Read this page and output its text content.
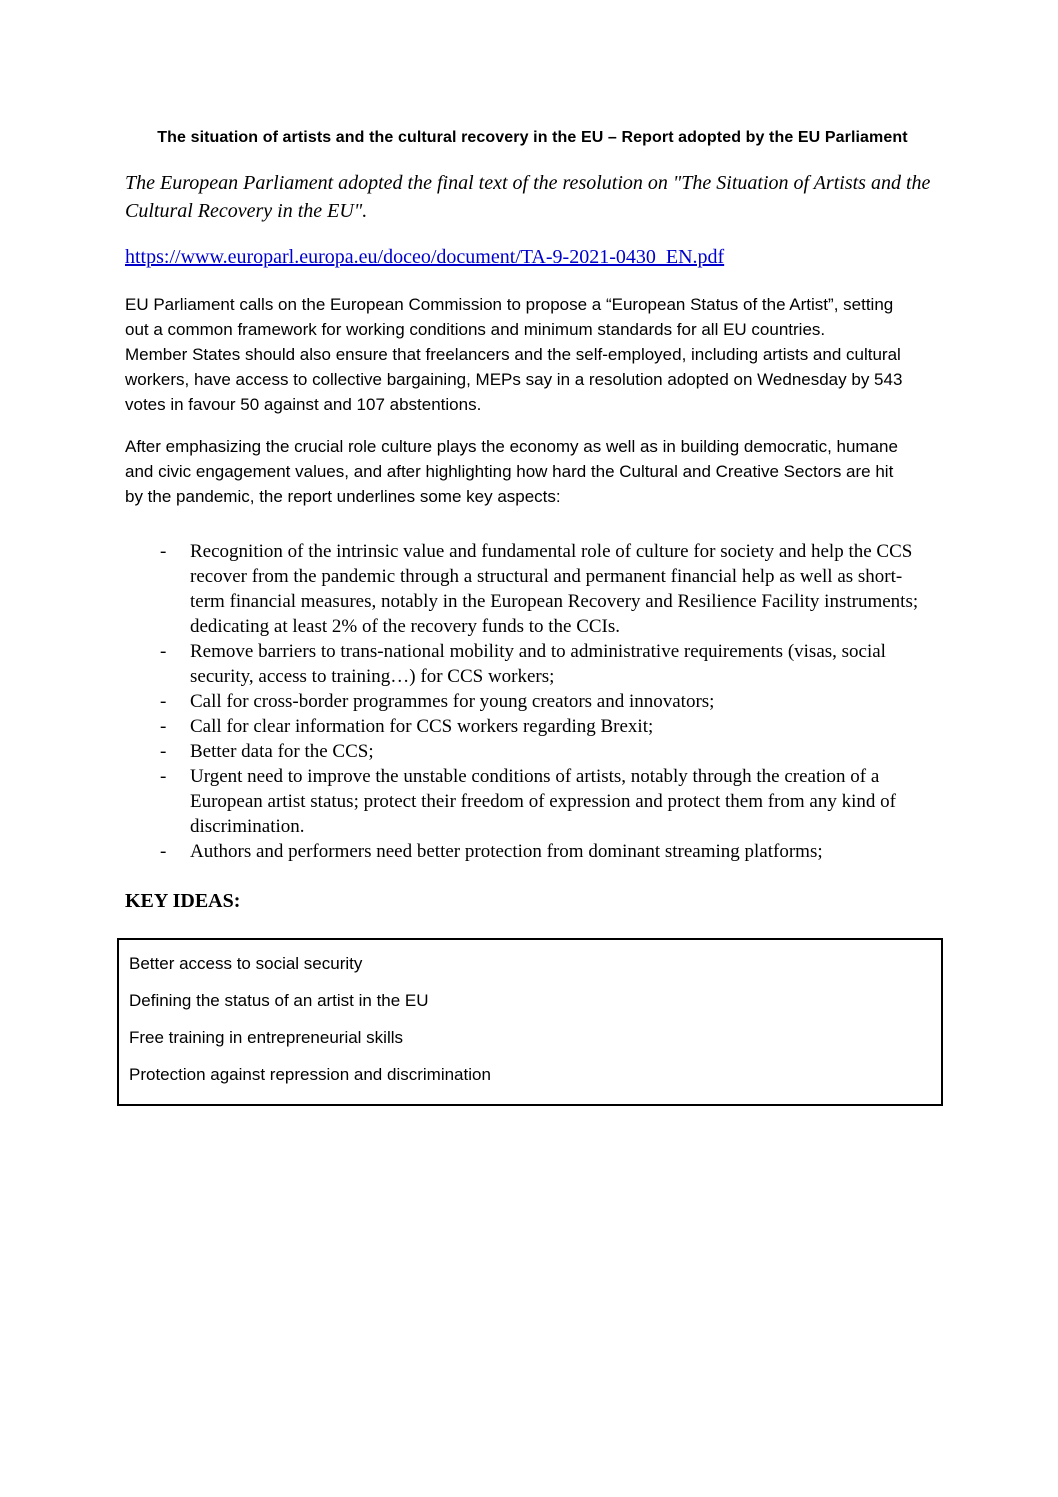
The situation of artists and the cultural recovery in the EU – Report adopted by the EU Parliament

The European Parliament adopted the final text of the resolution on "The Situation of Artists and the Cultural Recovery in the EU".

https://www.europarl.europa.eu/doceo/document/TA-9-2021-0430_EN.pdf

EU Parliament calls on the European Commission to propose a “European Status of the Artist”, setting out a common framework for working conditions and minimum standards for all EU countries.

Member States should also ensure that freelancers and the self-employed, including artists and cultural workers, have access to collective bargaining, MEPs say in a resolution adopted on Wednesday by 543 votes in favour 50 against and 107 abstentions.

After emphasizing the crucial role culture plays the economy as well as in building democratic, humane and civic engagement values, and after highlighting how hard the Cultural and Creative Sectors are hit by the pandemic, the report underlines some key aspects:

-	Recognition of the intrinsic value and fundamental role of culture for society and help the CCS recover from the pandemic through a structural and permanent financial help as well as short-term financial measures, notably in the European Recovery and Resilience Facility instruments; dedicating at least 2% of the recovery funds to the CCIs.
-	Remove barriers to trans-national mobility and to administrative requirements (visas, social security, access to training…) for CCS workers;
-	Call for cross-border programmes for young creators and innovators;
-	Call for clear information for CCS workers regarding Brexit;
-	Better data for the CCS;
-	Urgent need to improve the unstable conditions of artists, notably through the creation of a European artist status; protect their freedom of expression and protect them from any kind of discrimination.
-	Authors and performers need better protection from dominant streaming platforms;
KEY IDEAS:
Better access to social security
Defining the status of an artist in the EU
Free training in entrepreneurial skills
Protection against repression and discrimination
